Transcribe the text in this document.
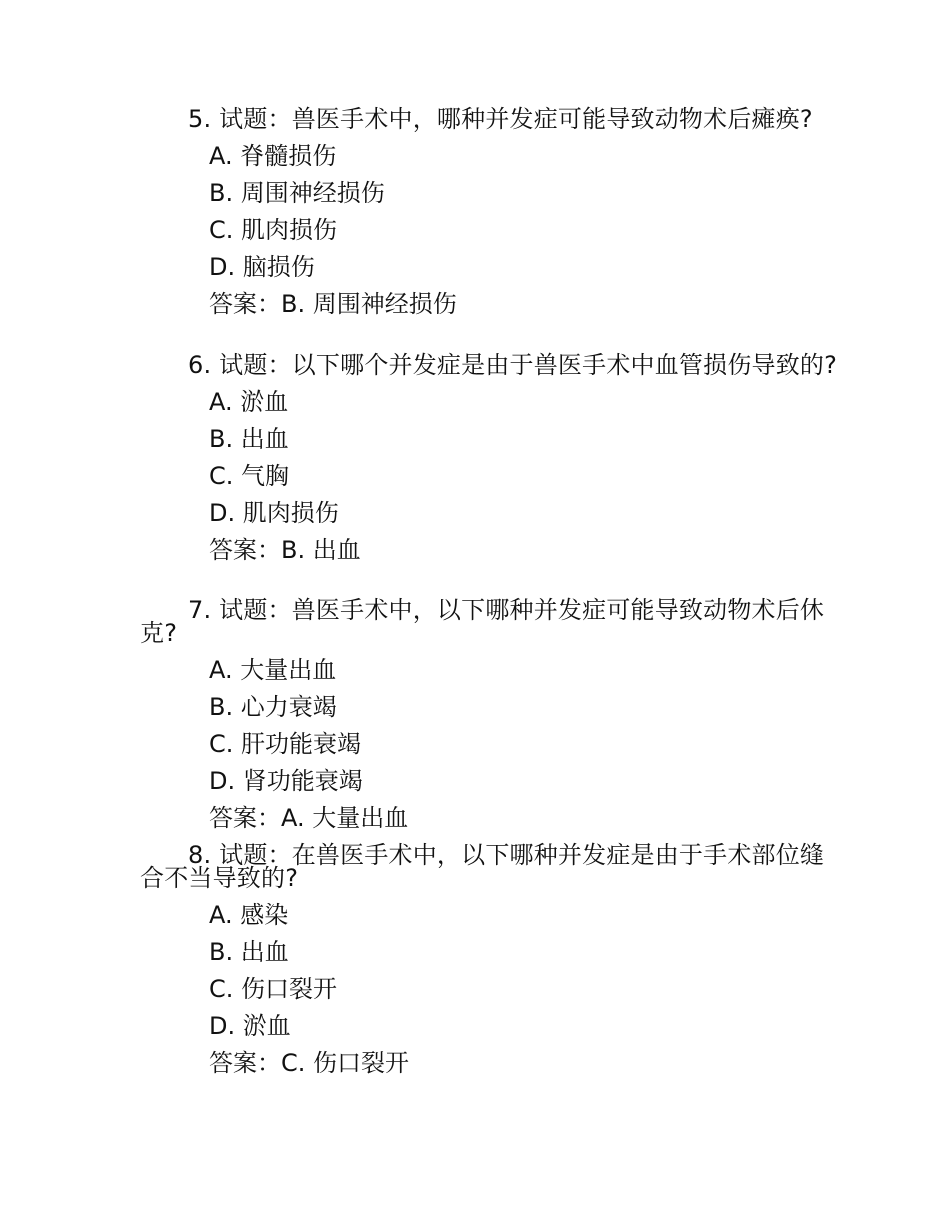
5. 试题：兽医手术中，哪种并发症可能导致动物术后瘫痪?

A. 脊髓损伤

B. 周围神经损伤

C. 肌肉损伤

D. 脑损伤

答案：B. 周围神经损伤

6. 试题：以下哪个并发症是由于兽医手术中血管损伤导致的?

A. 淤血

B. 出血

C. 气胸

D. 肌肉损伤

答案：B. 出血

7. 试题：兽医手术中，以下哪种并发症可能导致动物术后休克?

A. 大量出血

B. 心力衰竭

C. 肝功能衰竭

D. 肾功能衰竭

答案：A. 大量出血

8. 试题：在兽医手术中，以下哪种并发症是由于手术部位缝合不当导致的?

A. 感染

B. 出血

C. 伤口裂开

D. 淤血

答案：C. 伤口裂开
